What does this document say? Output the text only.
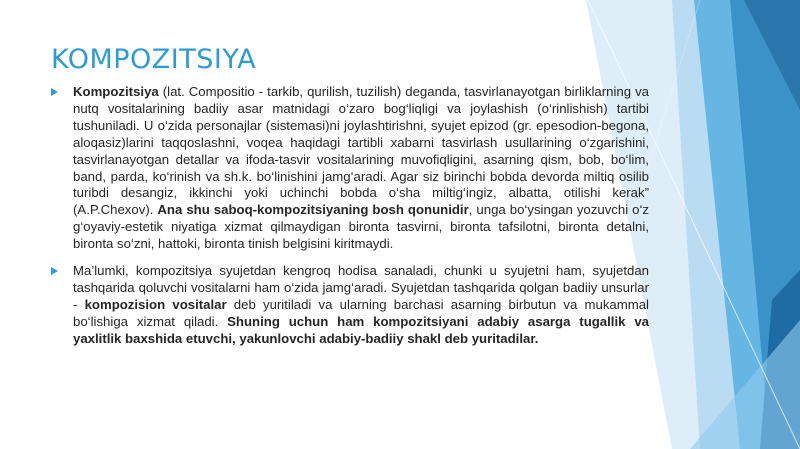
KOMPOZITSIYA
Kompozitsiya (lat. Compositio - tarkib, qurilish, tuzilish) deganda, tasvirlanayotgan birliklarning va nutq vositalarining badiiy asar matnidagi o‘zaro bog‘liqligi va joylashish (o‘rinlishish) tartibi tushuniladi. U o‘zida personajlar (sistemasi)ni joylashtirishni, syujet epizod (gr. epesodion-begona, aloqasiz)larini taqqoslashni, voqea haqidagi tartibli xabarni tasvirlash usullarining o‘zgarishini, tasvirlanayotgan detallar va ifoda-tasvir vositalarining muvofiqligini, asarning qism, bob, bo‘lim, band, parda, ko‘rinish va sh.k. bo‘linishini jamg‘aradi. Agar siz birinchi bobda devorda miltiq osilib turibdi desangiz, ikkinchi yoki uchinchi bobda o‘sha miltig‘ingiz, albatta, otilishi kerak” (A.P.Chexov). Ana shu saboq-kompozitsiyaning bosh qonunidir, unga bo‘ysingan yozuvchi o‘z g‘oyaviy-estetik niyatiga xizmat qilmaydigan bironta tasvirni, bironta tafsilotni, bironta detalni, bironta so‘zni, hattoki, bironta tinish belgisini kiritmaydi.
Ma’lumki, kompozitsiya syujetdan kengroq hodisa sanaladi, chunki u syujetni ham, syujetdan tashqarida qoluvchi vositalarni ham o‘zida jamg‘aradi. Syujetdan tashqarida qolgan badiiy unsurlar - kompozision vositalar deb yuritiladi va ularning barchasi asarning birbutun va mukammal bo‘lishiga xizmat qiladi. Shuning uchun ham kompozitsiyani adabiy asarga tugallik va yaxlitlik baxshida etuvchi, yakunlovchi adabiy-badiiy shakl deb yuritadilar.
